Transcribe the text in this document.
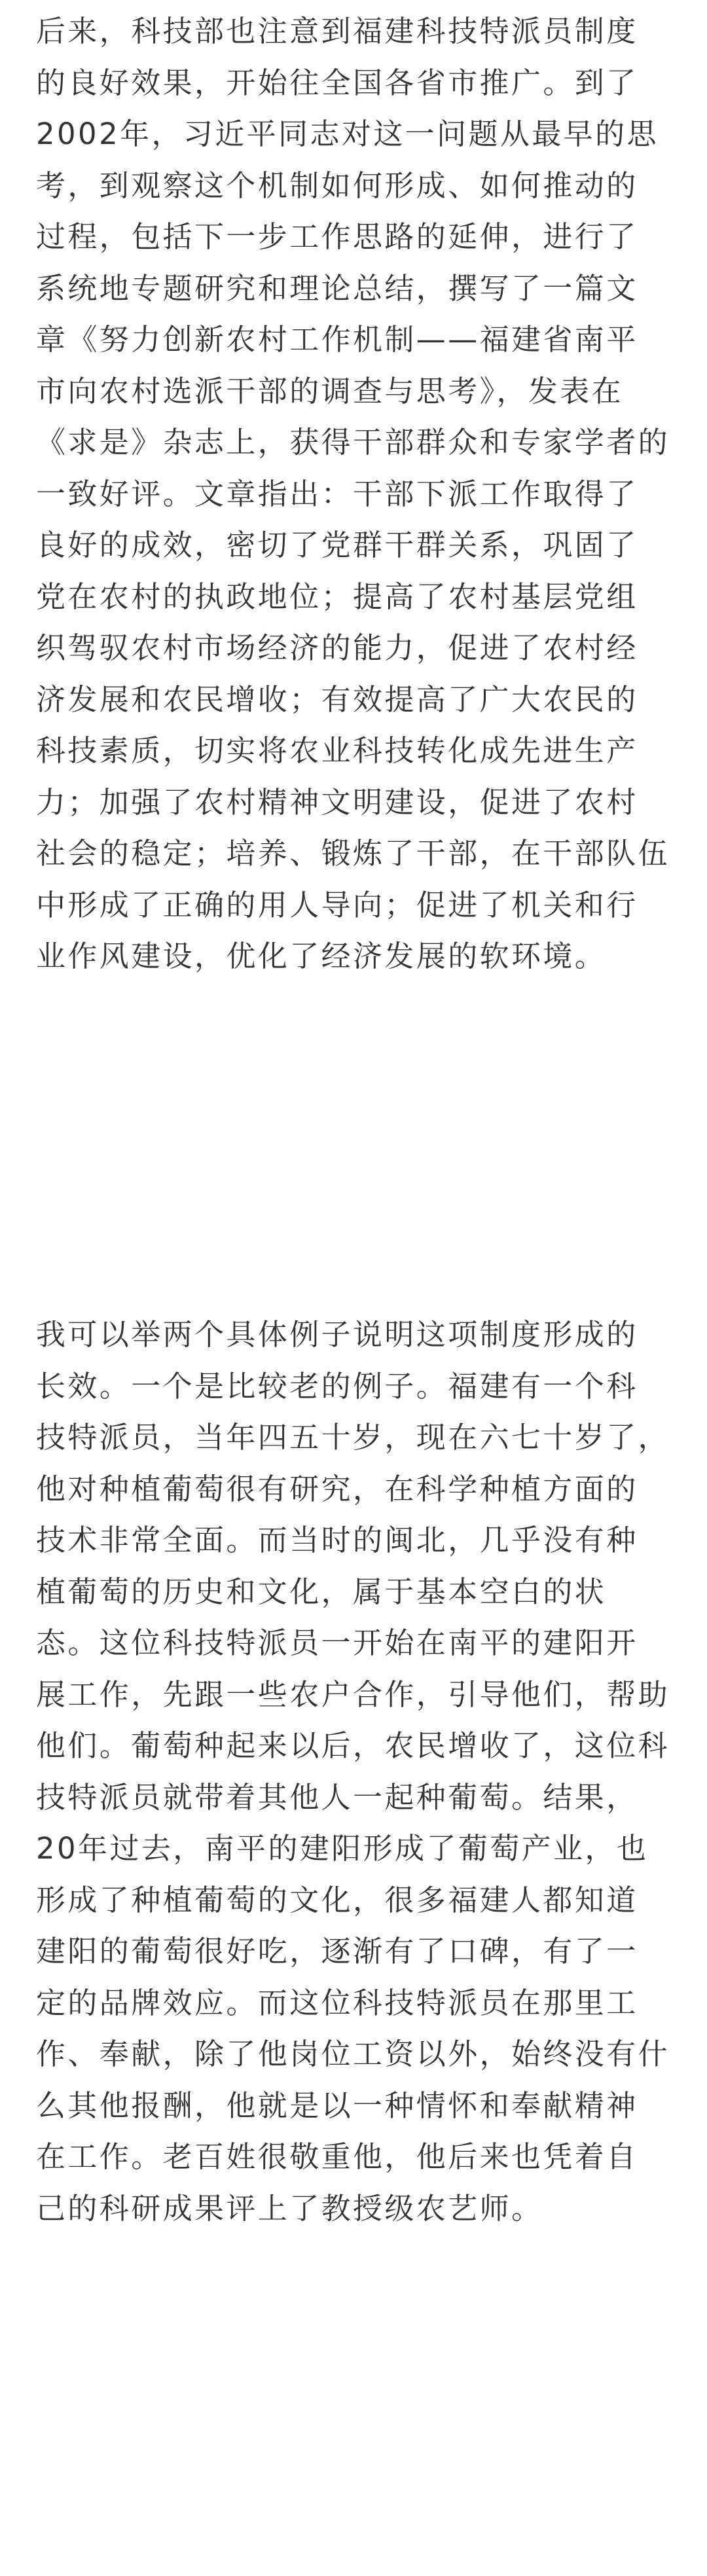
后来，科技部也注意到福建科技特派员制度
的良好效果，开始往全国各省市推广。到了
2002年，习近平同志对这一问题从最早的思
考，到观察这个机制如何形成、如何推动的
过程，包括下一步工作思路的延伸，进行了
系统地专题研究和理论总结，撰写了一篇文
章《努力创新农村工作机制——福建省南平
市向农村选派干部的调查与思考》，发表在
《求是》杂志上，获得干部群众和专家学者的
一致好评。文章指出：干部下派工作取得了
良好的成效，密切了党群干群关系，巩固了
党在农村的执政地位；提高了农村基层党组
织驾驭农村市场经济的能力，促进了农村经
济发展和农民增收；有效提高了广大农民的
科技素质，切实将农业科技转化成先进生产
力；加强了农村精神文明建设，促进了农村
社会的稳定；培养、锻炼了干部，在干部队伍
中形成了正确的用人导向；促进了机关和行
业作风建设，优化了经济发展的软环境。
我可以举两个具体例子说明这项制度形成的
长效。一个是比较老的例子。福建有一个科
技特派员，当年四五十岁，现在六七十岁了，
他对种植葡萄很有研究，在科学种植方面的
技术非常全面。而当时的闽北，几乎没有种
植葡萄的历史和文化，属于基本空白的状
态。这位科技特派员一开始在南平的建阳开
展工作，先跟一些农户合作，引导他们，帮助
他们。葡萄种起来以后，农民增收了，这位科
技特派员就带着其他人一起种葡萄。结果，
20年过去，南平的建阳形成了葡萄产业，也
形成了种植葡萄的文化，很多福建人都知道
建阳的葡萄很好吃，逐渐有了口碑，有了一
定的品牌效应。而这位科技特派员在那里工
作、奉献，除了他岗位工资以外，始终没有什
么其他报酬，他就是以一种情怀和奉献精神
在工作。老百姓很敬重他，他后来也凭着自
己的科研成果评上了教授级农艺师。
